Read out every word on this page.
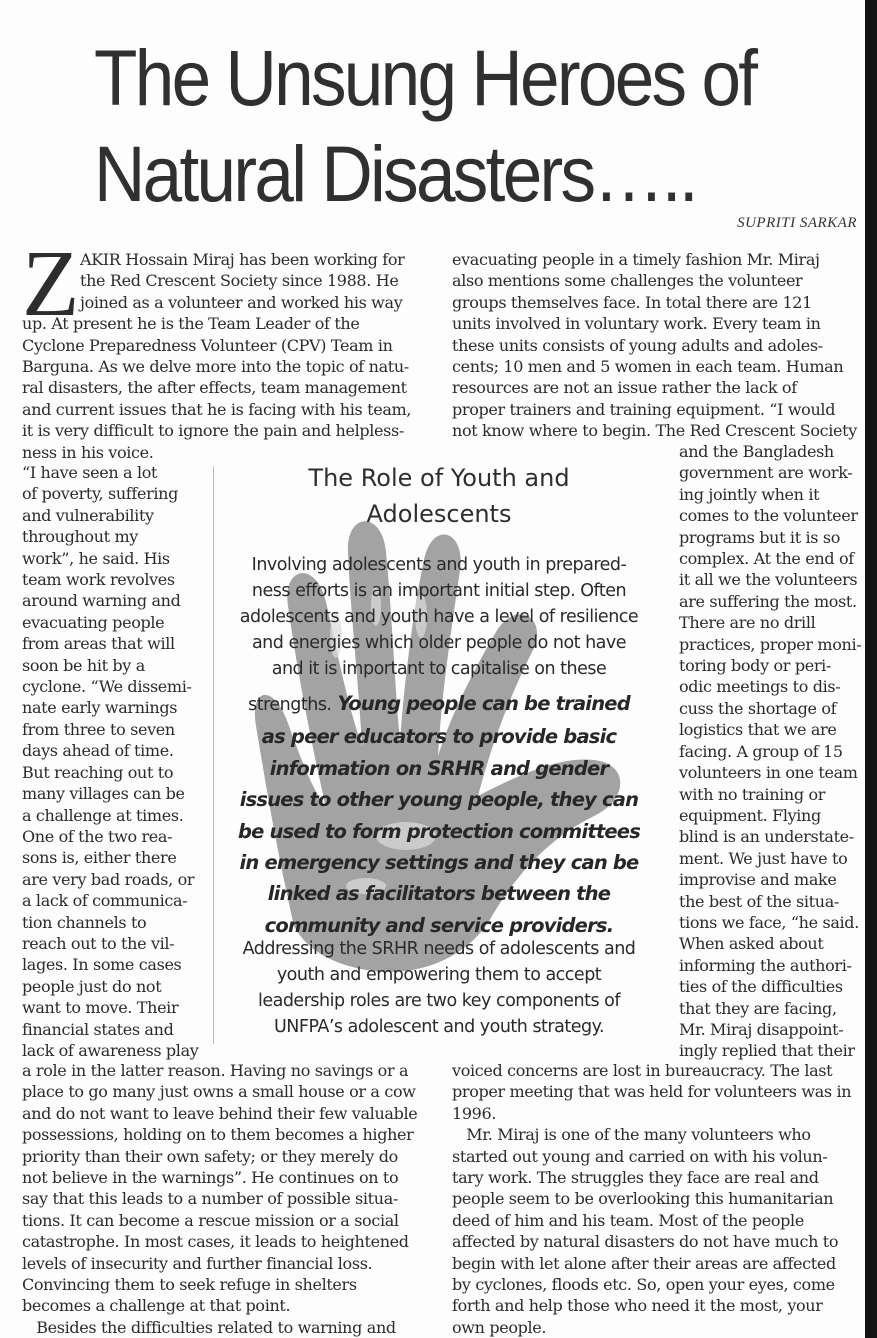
The Unsung Heroes of
Natural Disasters…..
SUPRITI SARKAR
Z AKIR Hossain Miraj has been working for
the Red Crescent Society since 1988. He
joined as a volunteer and worked his way
up. At present he is the Team Leader of the
Cyclone Preparedness Volunteer (CPV) Team in
Barguna. As we delve more into the topic of natu-
ral disasters, the after effects, team management
and current issues that he is facing with his team,
it is very difficult to ignore the pain and helpless-
ness in his voice.
“I have seen a lot
of poverty, suffering
and vulnerability
throughout my
work”, he said. His
team work revolves
around warning and
evacuating people
from areas that will
soon be hit by a
cyclone. “We dissemi-
nate early warnings
from three to seven
days ahead of time.
But reaching out to
many villages can be
a challenge at times.
One of the two rea-
sons is, either there
are very bad roads, or
a lack of communica-
tion channels to
reach out to the vil-
lages. In some cases
people just do not
want to move. Their
financial states and
lack of awareness play
a role in the latter reason. Having no savings or a
place to go many just owns a small house or a cow
and do not want to leave behind their few valuable
possessions, holding on to them becomes a higher
priority than their own safety; or they merely do
not believe in the warnings”. He continues on to
say that this leads to a number of possible situa-
tions. It can become a rescue mission or a social
catastrophe. In most cases, it leads to heightened
levels of insecurity and further financial loss.
Convincing them to seek refuge in shelters
becomes a challenge at that point.
Besides the difficulties related to warning and
evacuating people in a timely fashion Mr. Miraj
also mentions some challenges the volunteer
groups themselves face. In total there are 121
units involved in voluntary work. Every team in
these units consists of young adults and adoles-
cents; 10 men and 5 women in each team. Human
resources are not an issue rather the lack of
proper trainers and training equipment. “I would
not know where to begin. The Red Crescent Society
and the Bangladesh
government are work-
ing jointly when it
comes to the volunteer
programs but it is so
complex. At the end of
it all we the volunteers
are suffering the most.
There are no drill
practices, proper moni-
toring body or peri-
odic meetings to dis-
cuss the shortage of
logistics that we are
facing. A group of 15
volunteers in one team
with no training or
equipment. Flying
blind is an understate-
ment. We just have to
improvise and make
the best of the situa-
tions we face, “he said.
When asked about
informing the authori-
ties of the difficulties
that they are facing,
Mr. Miraj disappoint-
ingly replied that their
voiced concerns are lost in bureaucracy. The last
proper meeting that was held for volunteers was in
1996.
Mr. Miraj is one of the many volunteers who
started out young and carried on with his volun-
tary work. The struggles they face are real and
people seem to be overlooking this humanitarian
deed of him and his team. Most of the people
affected by natural disasters do not have much to
begin with let alone after their areas are affected
by cyclones, floods etc. So, open your eyes, come
forth and help those who need it the most, your
own people.
The Role of Youth and
Adolescents
Involving adolescents and youth in prepared-
ness efforts is an important initial step. Often
adolescents and youth have a level of resilience
and energies which older people do not have
and it is important to capitalise on these
strengths. Young people can be trained
as peer educators to provide basic
information on SRHR and gender
issues to other young people, they can
be used to form protection committees
in emergency settings and they can be
linked as facilitators between the
community and service providers.
Addressing the SRHR needs of adolescents and
youth and empowering them to accept
leadership roles are two key components of
UNFPA’s adolescent and youth strategy.
